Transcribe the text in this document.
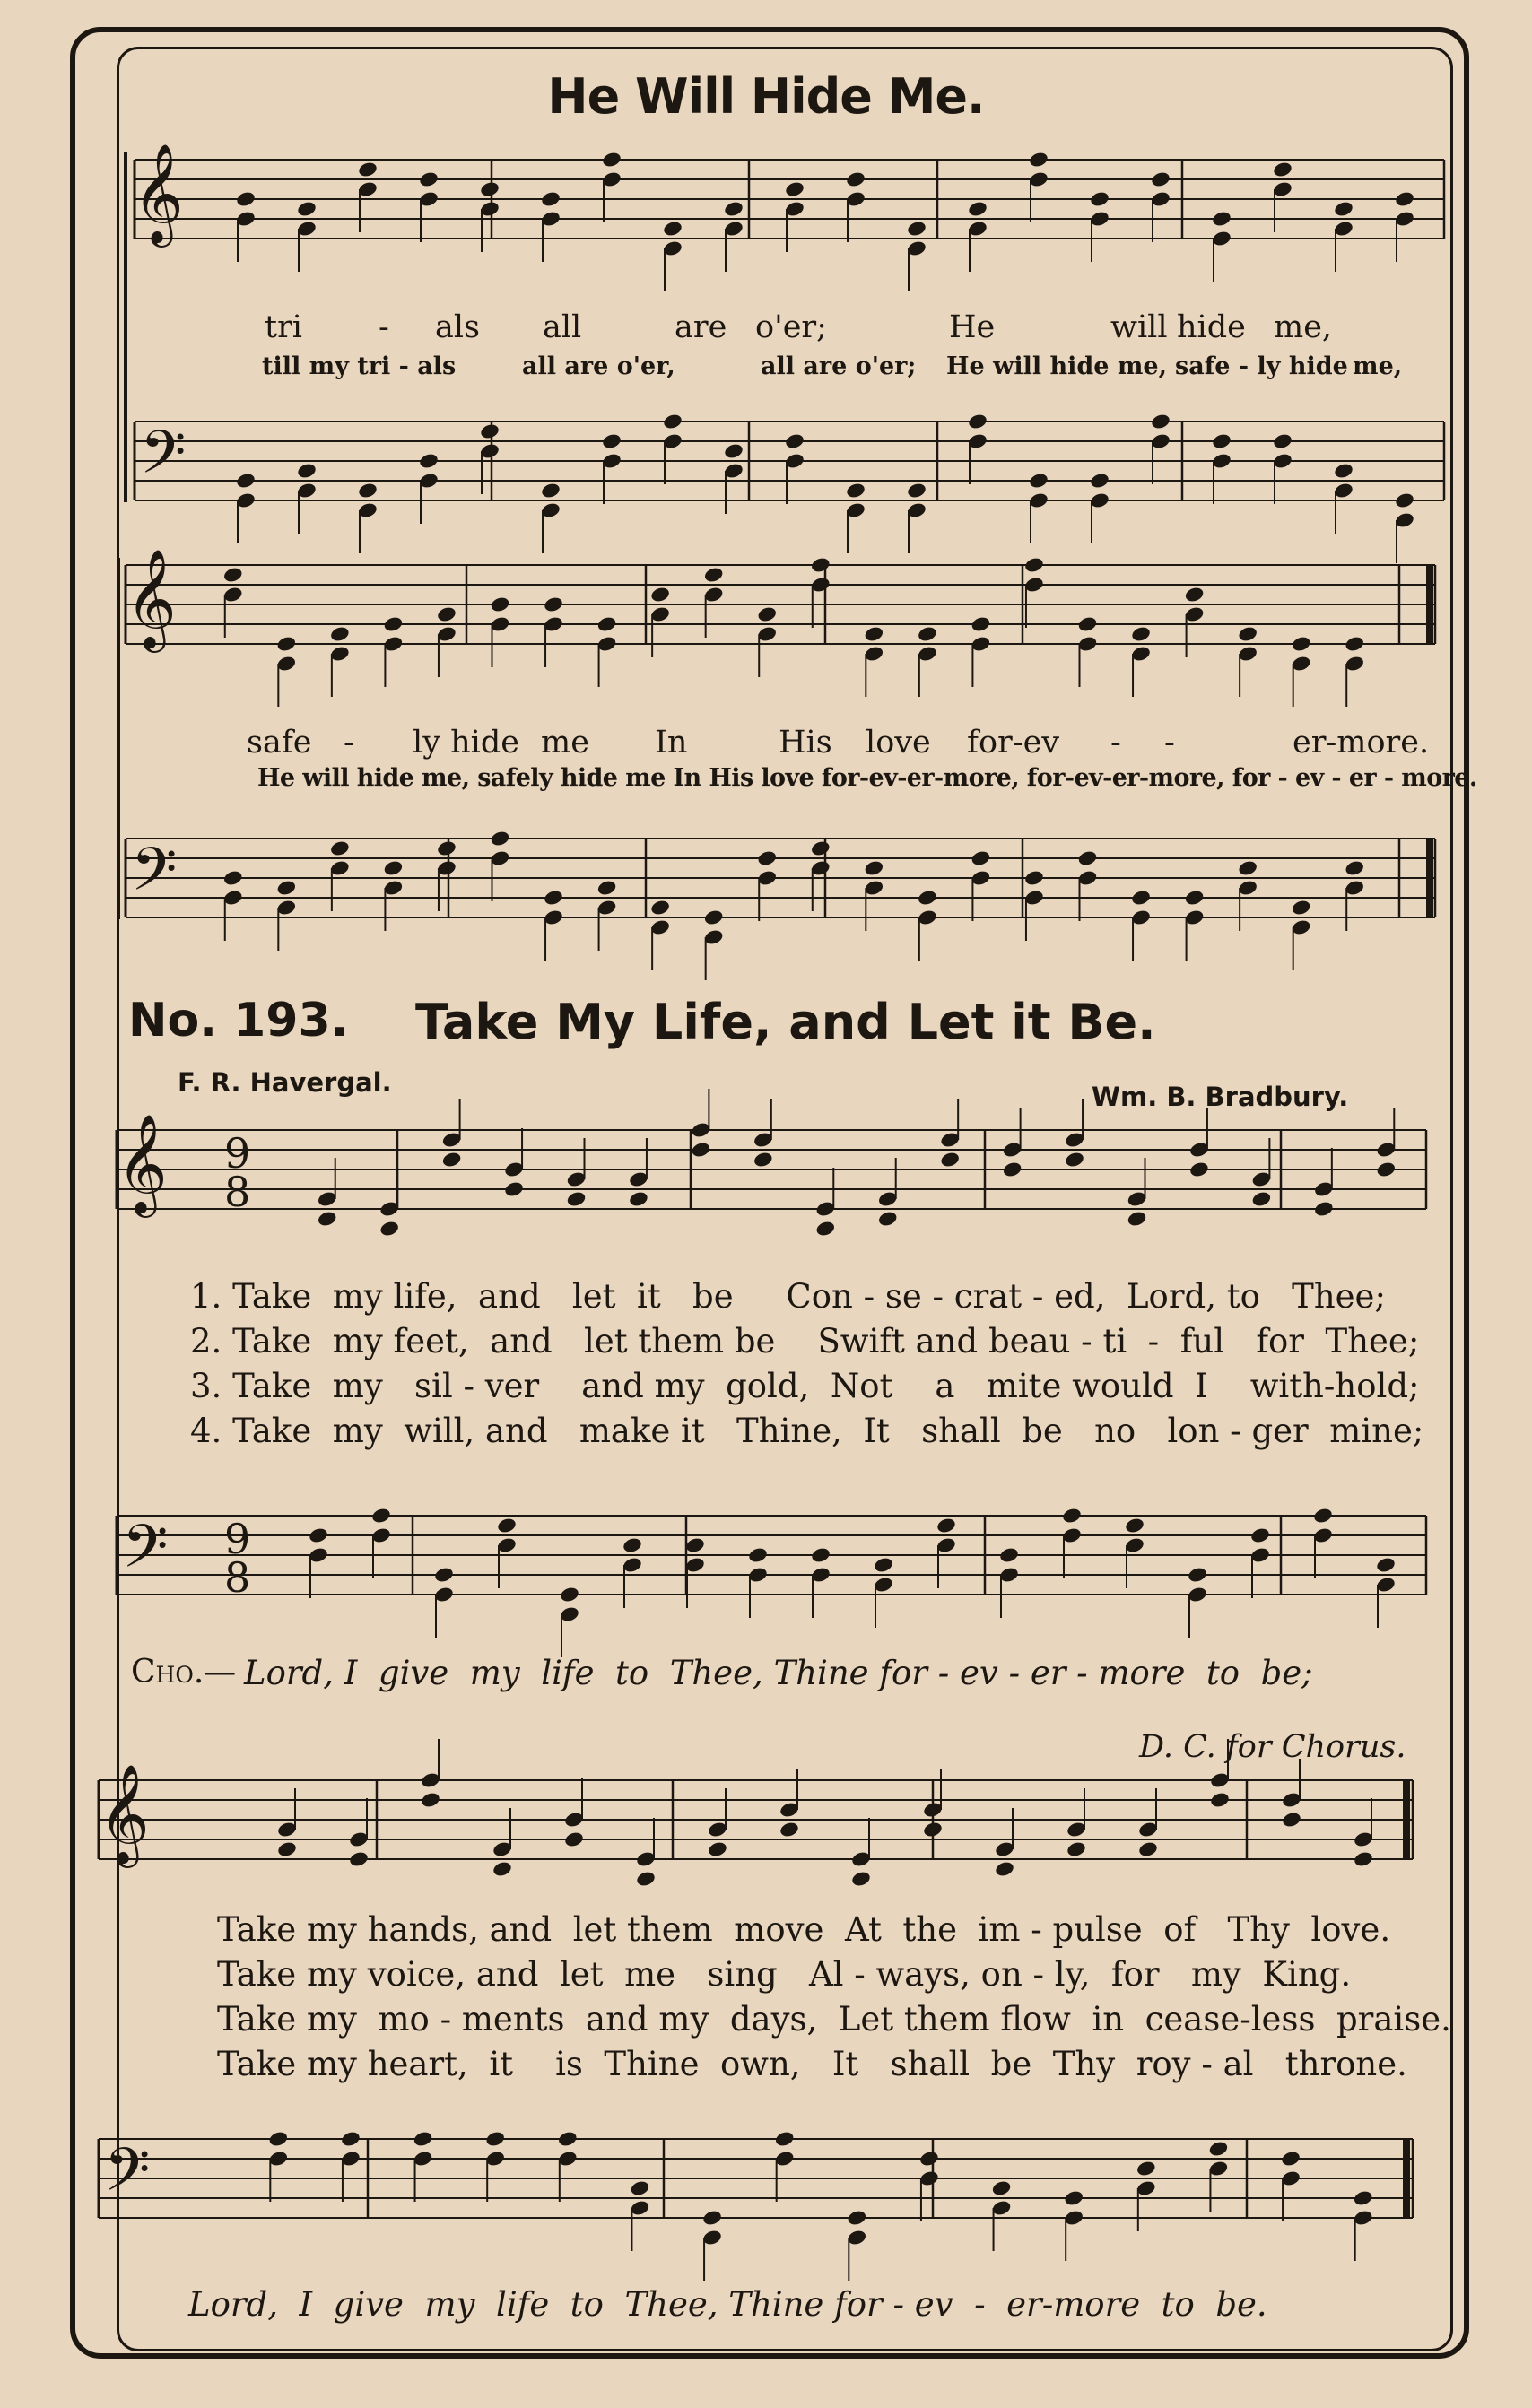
𝄞
𝄢
𝄞
𝄢
𝄞 9
8
𝄢 9
8
𝄞
𝄢
He Will Hide Me.
tri - als all	are o'er;	He	will hide me,
till my tri - als	all are o'er,	all are o'er; He will hide me, safe - ly hide me,
safe - ly hide me In	His love for-ev - -	er-more.
He will hide me, safely hide me In His love for-ev-er-more, for-ev-er-more, for - ev - er - more.
No. 193. Take My Life, and Let it Be.
F. R. Havergal.	Wm. B. Bradbury.
1. Take  my life,  and   let  it   be     Con - se - crat - ed,  Lord, to   Thee;
2. Take  my feet,  and   let them be    Swift and beau - ti  -  ful   for  Thee;
3. Take  my   sil - ver    and my  gold,  Not    a   mite would  I    with-hold;
4. Take  my  will, and   make it   Thine,  It   shall  be   no   lon - ger  mine;
Cho.— Lord, I  give  my  life  to  Thee, Thine for - ev - er - more  to  be;
D. C. for Chorus.
Take my hands, and  let them  move  At  the  im - pulse  of   Thy  love.
Take my voice, and  let  me   sing   Al - ways, on - ly,  for   my  King.
Take my  mo - ments  and my  days,  Let them flow  in  cease-less  praise.
Take my heart,  it    is  Thine  own,   It   shall  be  Thy  roy - al   throne.
Lord,  I  give  my  life  to  Thee, Thine for - ev  -  er-more  to  be.
